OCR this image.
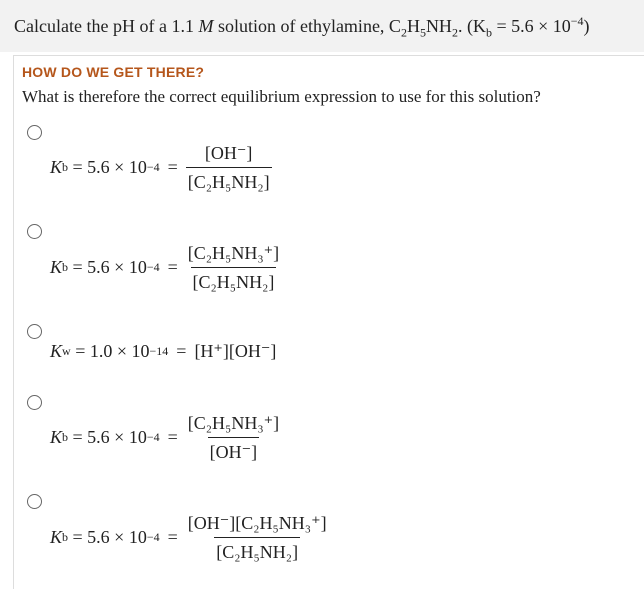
Calculate the pH of a 1.1 M solution of ethylamine, $C_2H_5NH_2$. $(K_b = 5.6 \times 10^{-4})$
HOW DO WE GET THERE?
What is therefore the correct equilibrium expression to use for this solution?
K b
= $5.6 \times 10 -4 = \frac{[OH^-]}{\text{[C₂H₅NH₂]}}$
K b
= $5.6 \times 10 -4 = \frac{\text{[C₂H₅NH₃⁺]}}{\text{[C₂H₅NH₂]}}$
K w
= 1.0 × 10 −14 = [H⁺][OH⁻]
K b
= $5.6 \times 10 -4 = \frac{\text{[C₂H₅NH₃⁺]}}{[OH^-]}$
K b
= $5.6 \times 10 -4 = \frac{\text{[OH⁻][C₂H₅NH₃⁺]}}{\text{[C₂H₅NH₂]}}$
